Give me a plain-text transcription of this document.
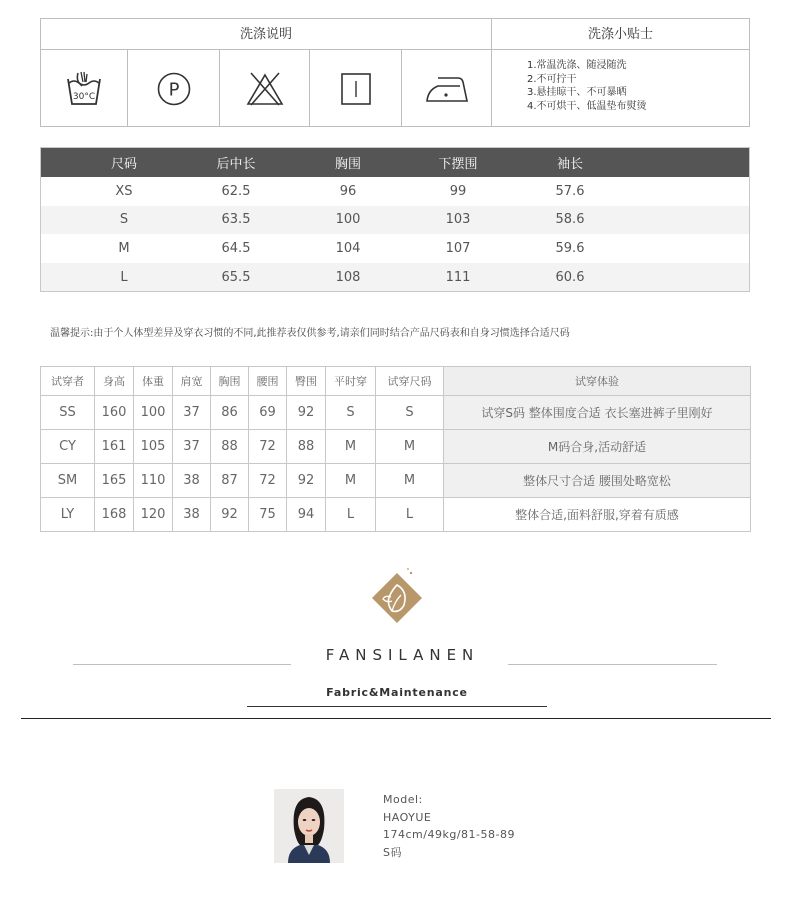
洗涤说明	洗涤小贴士
30°C	P
1.常温洗涤、随浸随洗
2.不可拧干
3.悬挂晾干、不可暴晒
4.不可烘干、低温垫布熨烫
尺码	后中长	胸围	下摆围	袖长
XS	62.5	96	99	57.6
S	63.5	100	103	58.6
M	64.5	104	107	59.6
L	65.5	108	111	60.6
温馨提示:由于个人体型差异及穿衣习惯的不同,此推荐表仅供参考,请亲们同时结合产品尺码表和自身习惯选择合适尺码
试穿者	身高	体重	肩宽	胸围	腰围	臀围	平时穿	试穿尺码	试穿体验
SS	160	100	37	86	69	92	S	S	试穿S码 整体围度合适 衣长塞进裤子里刚好
CY	161	105	37	88	72	88	M	M	M码合身,活动舒适
SM	165	110	38	87	72	92	M	M	整体尺寸合适 腰围处略宽松
LY	168	120	38	92	75	94	L	L	整体合适,面料舒服,穿着有质感
FANSILANEN
Fabric&Maintenance
Model:
HAOYUE
174cm/49kg/81-58-89
S码
